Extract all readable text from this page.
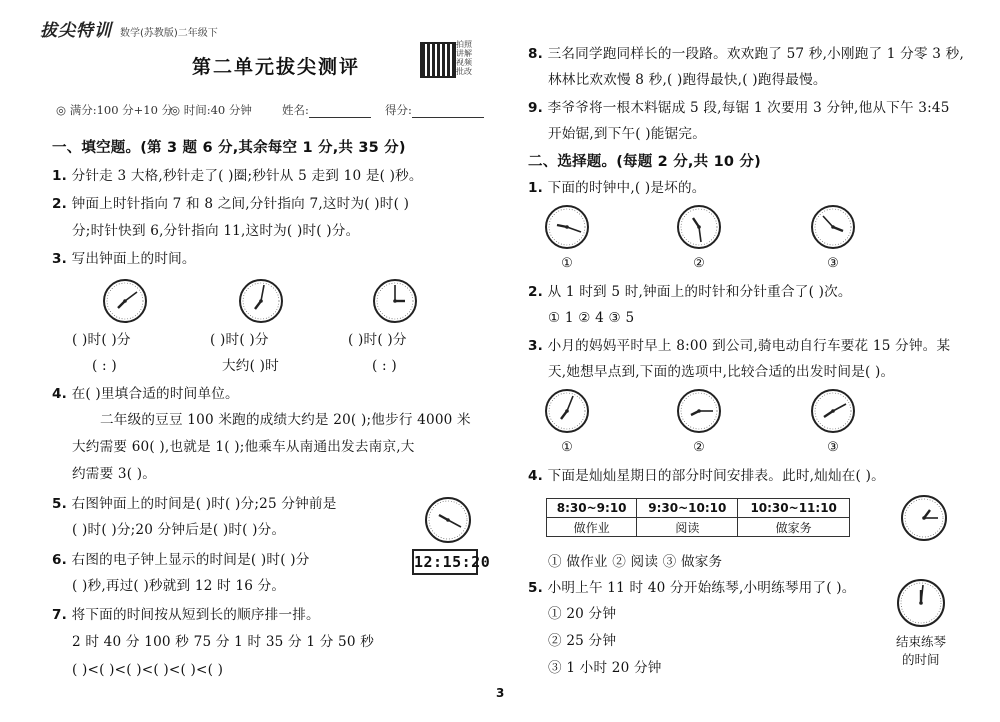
拔尖特训 数学(苏教版)二年级下
拍照讲解视频批改
第二单元拔尖测评
◎ 满分:100 分+10 分
◎ 时间:40 分钟	姓名:	得分:
一、填空题。(第 3 题 6 分,其余每空 1 分,共 35 分)
1. 分针走 3 大格,秒针走了( )圈;秒针从 5 走到 10 是( )秒。
2. 钟面上时针指向 7 和 8 之间,分针指向 7,这时为( )时( )
分;时针快到 6,分针指向 11,这时为( )时( )分。
3. 写出钟面上的时间。
( )时( )分	( )时( )分	( )时( )分
( : )	大约( )时	( : )
4. 在( )里填合适的时间单位。
二年级的豆豆 100 米跑的成绩大约是 20( );他步行 4000 米
大约需要 60( ),也就是 1( );他乘车从南通出发去南京,大
约需要 3( )。
5. 右图钟面上的时间是( )时( )分;25 分钟前是
( )时( )分;20 分钟后是( )时( )分。
6. 右图的电子钟上显示的时间是( )时( )分
( )秒,再过( )秒就到 12 时 16 分。
12:15:20
7. 将下面的时间按从短到长的顺序排一排。
2 时 40 分 100 秒 75 分 1 时 35 分 1 分 50 秒
( )<( )<( )<( )<( )<( )
8. 三名同学跑同样长的一段路。欢欢跑了 57 秒,小刚跑了 1 分零 3 秒,
林林比欢欢慢 8 秒,( )跑得最快,( )跑得最慢。
9. 李爷爷将一根木料锯成 5 段,每锯 1 次要用 3 分钟,他从下午 3:45
开始锯,到下午( )能锯完。
二、选择题。(每题 2 分,共 10 分)
1. 下面的时钟中,( )是坏的。
①	②	③
2. 从 1 时到 5 时,钟面上的时针和分针重合了( )次。
① 1 ② 4 ③ 5
3. 小月的妈妈平时早上 8:00 到公司,骑电动自行车要花 15 分钟。某
天,她想早点到,下面的选项中,比较合适的出发时间是( )。
①	②	③
4. 下面是灿灿星期日的部分时间安排表。此时,灿灿在( )。
8:30~9:10	9:30~10:10	10:30~11:10
做作业	阅读	做家务
① 做作业 ② 阅读 ③ 做家务
5. 小明上午 11 时 40 分开始练琴,小明练琴用了( )。
① 20 分钟
② 25 分钟
③ 1 小时 20 分钟
结束练琴
的时间
3
